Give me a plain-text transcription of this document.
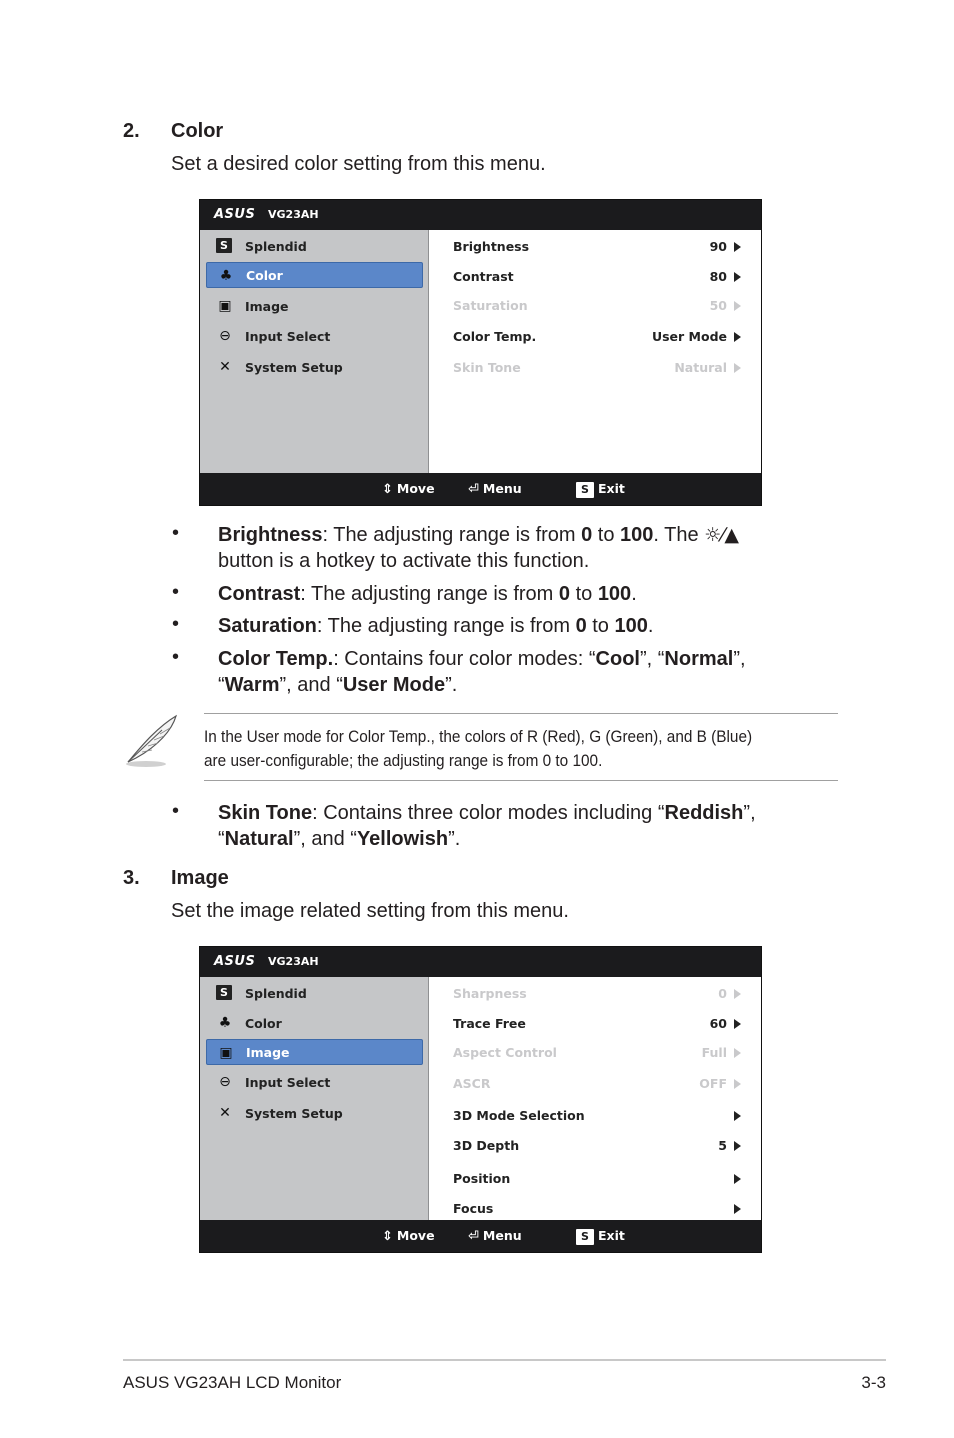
2. Color
Set a desired color setting from this menu.
ASUS VG23AH
S	Splendid
♣ Color
▣ Image
⊖ Input Select
✕ System Setup
Brightness	90
Contrast	80
Saturation	50
Color Temp.	User Mode
Skin Tone	Natural
⇕ Move	⏎ Menu	S Exit
• Brightness: The adjusting range is from 0 to 100. The ☼⁄▲
button is a hotkey to activate this function.
• Contrast: The adjusting range is from 0 to 100.
• Saturation: The adjusting range is from 0 to 100.
• Color Temp.: Contains four color modes: “Cool”, “Normal”,
“Warm”, and “User Mode”.
In the User mode for Color Temp., the colors of R (Red), G (Green), and B (Blue)
are user-configurable; the adjusting range is from 0 to 100.
• Skin Tone: Contains three color modes including “Reddish”,
“Natural”, and “Yellowish”.
3. Image
Set the image related setting from this menu.
ASUS VG23AH
S	Splendid
♣ Color
▣ Image
⊖ Input Select
✕ System Setup
Sharpness	0
Trace Free	60
Aspect Control	Full
ASCR	OFF
3D Mode Selection
3D Depth	5
Position
Focus
⇕ Move	⏎ Menu	S Exit
ASUS VG23AH LCD Monitor	3-3
